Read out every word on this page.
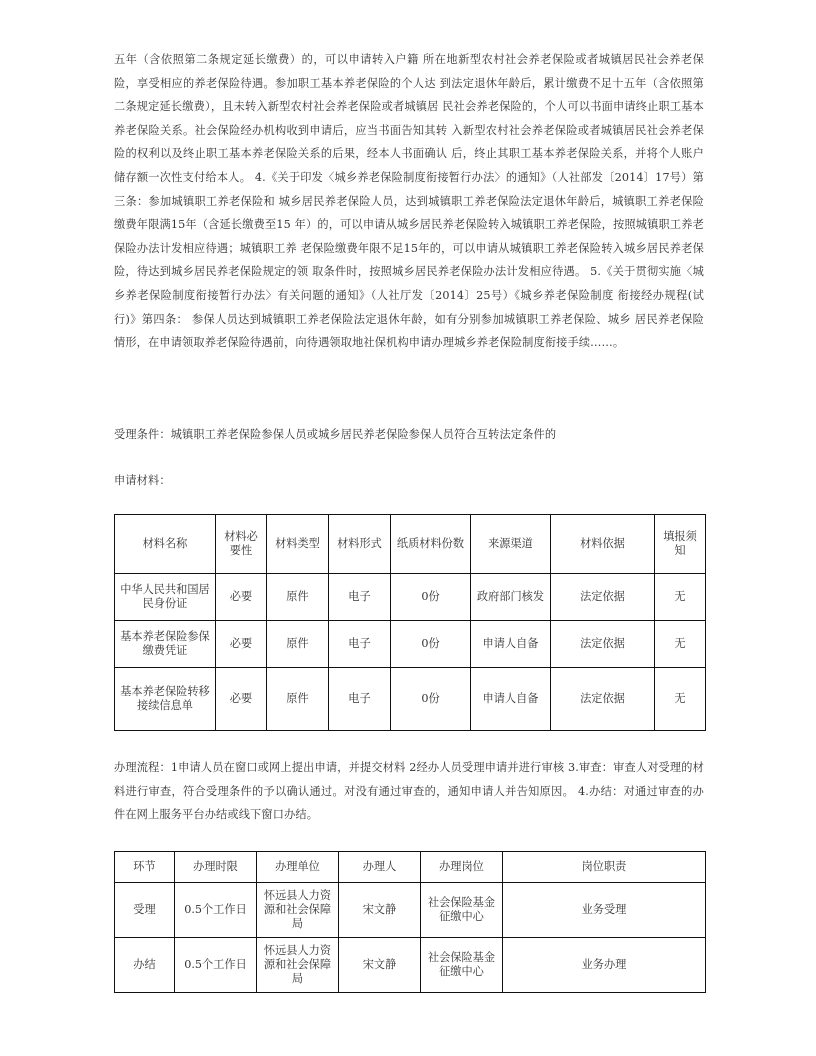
五年（含依照第二条规定延长缴费）的，可以申请转入户籍 所在地新型农村社会养老保险或者城镇居民社会养老保险，享受相应的养老保险待遇。参加职工基本养老保险的个人达 到法定退休年龄后，累计缴费不足十五年（含依照第二条规定延长缴费），且未转入新型农村社会养老保险或者城镇居 民社会养老保险的，个人可以书面申请终止职工基本养老保险关系。社会保险经办机构收到申请后，应当书面告知其转 入新型农村社会养老保险或者城镇居民社会养老保险的权利以及终止职工基本养老保险关系的后果，经本人书面确认 后，终止其职工基本养老保险关系，并将个人账户储存额一次性支付给本人。 4.《关于印发〈城乡养老保险制度衔接暂行办法〉的通知》（人社部发〔2014〕17号）第三条：参加城镇职工养老保险和 城乡居民养老保险人员，达到城镇职工养老保险法定退休年龄后，城镇职工养老保险缴费年限满15年（含延长缴费至15 年）的，可以申请从城乡居民养老保险转入城镇职工养老保险，按照城镇职工养老保险办法计发相应待遇；城镇职工养 老保险缴费年限不足15年的，可以申请从城镇职工养老保险转入城乡居民养老保险，待达到城乡居民养老保险规定的领 取条件时，按照城乡居民养老保险办法计发相应待遇。 5.《关于贯彻实施〈城乡养老保险制度衔接暂行办法〉有关问题的通知》（人社厅发〔2014〕25号）《城乡养老保险制度 衔接经办规程(试行)》第四条： 参保人员达到城镇职工养老保险法定退休年龄，如有分别参加城镇职工养老保险、城乡 居民养老保险情形，在申请领取养老保险待遇前，向待遇领取地社保机构申请办理城乡养老保险制度衔接手续……。

受理条件：城镇职工养老保险参保人员或城乡居民养老保险参保人员符合互转法定条件的

申请材料：

材料名称	材料必要性	材料类型	材料形式	纸质材料份数	来源渠道	材料依据	填报须知
中华人民共和国居民身份证	必要	原件	电子	0份	政府部门核发	法定依据	无
基本养老保险参保缴费凭证	必要	原件	电子	0份	申请人自备	法定依据	无
基本养老保险转移接续信息单	必要	原件	电子	0份	申请人自备	法定依据	无

办理流程：1申请人员在窗口或网上提出申请，并提交材料 2经办人员受理申请并进行审核 3.审查：审查人对受理的材料进行审查，符合受理条件的予以确认通过。对没有通过审查的，通知申请人并告知原因。 4.办结：对通过审查的办件在网上服务平台办结或线下窗口办结。

环节	办理时限	办理单位	办理人	办理岗位	岗位职责
受理	0.5个工作日	怀远县人力资源和社会保障局	宋文静	社会保险基金征缴中心	业务受理
办结	0.5个工作日	怀远县人力资源和社会保障局	宋文静	社会保险基金征缴中心	业务办理
